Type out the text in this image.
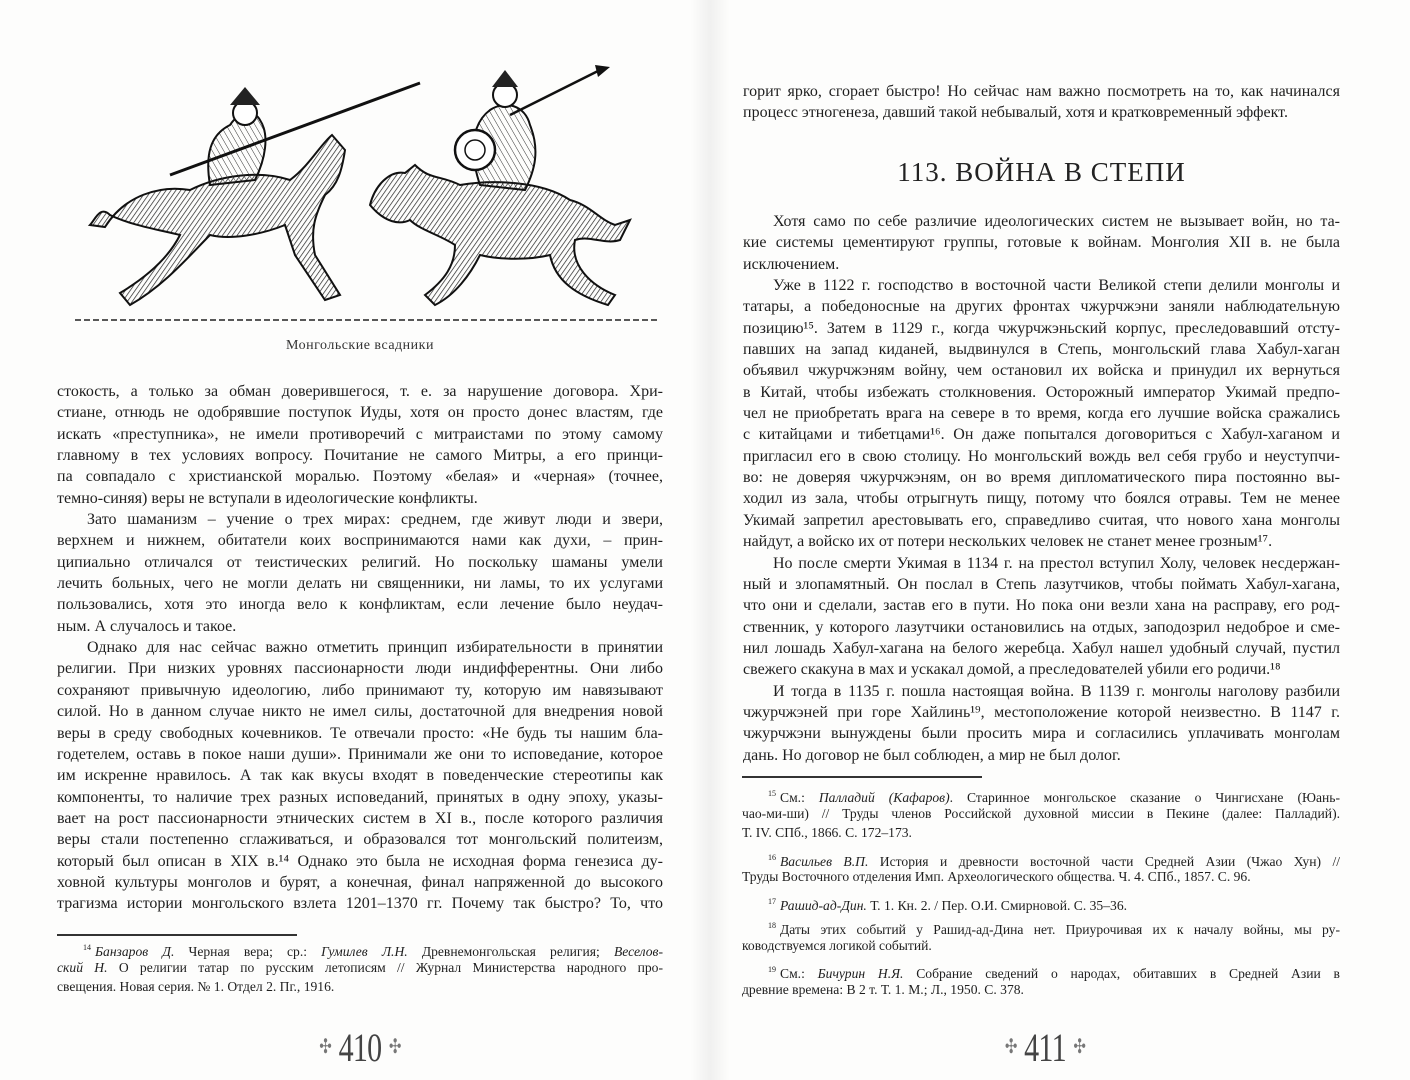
Монгольские всадники
стокость, а только за обман доверившегося, т. е. за нарушение договора. Хри-
стиане, отнюдь не одобрявшие поступок Иуды, хотя он просто донес властям, где
искать «преступника», не имели противоречий с митраистами по этому самому
главному в тех условиях вопросу. Почитание не самого Митры, а его принци-
па совпадало с христианской моралью. Поэтому «белая» и «черная» (точнее,
темно-синяя) веры не вступали в идеологические конфликты.
Зато шаманизм – учение о трех мирах: среднем, где живут люди и звери,
верхнем и нижнем, обитатели коих воспринимаются нами как духи, – прин-
ципиально отличался от теистических религий. Но поскольку шаманы умели
лечить больных, чего не могли делать ни священники, ни ламы, то их услугами
пользовались, хотя это иногда вело к конфликтам, если лечение было неудач-
ным. А случалось и такое.
Однако для нас сейчас важно отметить принцип избирательности в принятии
религии. При низких уровнях пассионарности люди индифферентны. Они либо
сохраняют привычную идеологию, либо принимают ту, которую им навязывают
силой. Но в данном случае никто не имел силы, достаточной для внедрения новой
веры в среду свободных кочевников. Те отвечали просто: «Не будь ты нашим бла-
годетелем, оставь в покое наши души». Принимали же они то исповедание, которое
им искренне нравилось. А так как вкусы входят в поведенческие стереотипы как
компоненты, то наличие трех разных исповеданий, принятых в одну эпоху, указы-
вает на рост пассионарности этнических систем в XI в., после которого различия
веры стали постепенно сглаживаться, и образовался тот монгольский политеизм,
который был описан в XIX в.¹⁴ Однако это была не исходная форма генезиса ду-
ховной культуры монголов и бурят, а конечная, финал напряженной до высокого
трагизма истории монгольского взлета 1201–1370 гг. Почему так быстро? То, что
$^{14}$ Банзаров Д. Черная вера; ср.: Гумилев Л.Н. Древнемонгольская религия; Веселов-
ский Н. О религии татар по русским летописям // Журнал Министерства народного про-
свещения. Новая серия. № 1. Отдел 2. Пг., 1916.
✣ 410 ✣
горит ярко, сгорает быстро! Но сейчас нам важно посмотреть на то, как начинался
процесс этногенеза, давший такой небывалый, хотя и кратковременный эффект.
113. ВОЙНА В СТЕПИ
Хотя само по себе различие идеологических систем не вызывает войн, но та-
кие системы цементируют группы, готовые к войнам. Монголия XII в. не была
исключением.
Уже в 1122 г. господство в восточной части Великой степи делили монголы и
татары, а победоносные на других фронтах чжурчжэни заняли наблюдательную
позицию¹⁵. Затем в 1129 г., когда чжурчжэньский корпус, преследовавший отсту-
павших на запад киданей, выдвинулся в Степь, монгольский глава Хабул-хаган
объявил чжурчжэням войну, чем остановил их войска и принудил их вернуться
в Китай, чтобы избежать столкновения. Осторожный император Укимай предпо-
чел не приобретать врага на севере в то время, когда его лучшие войска сражались
с китайцами и тибетцами¹⁶. Он даже попытался договориться с Хабул-хаганом и
пригласил его в свою столицу. Но монгольский вождь вел себя грубо и неуступчи-
во: не доверяя чжурчжэням, он во время дипломатического пира постоянно вы-
ходил из зала, чтобы отрыгнуть пищу, потому что боялся отравы. Тем не менее
Укимай запретил арестовывать его, справедливо считая, что нового хана монголы
найдут, а войско их от потери нескольких человек не станет менее грозным¹⁷.
Но после смерти Укимая в 1134 г. на престол вступил Холу, человек несдержан-
ный и злопамятный. Он послал в Степь лазутчиков, чтобы поймать Хабул-хагана,
что они и сделали, застав его в пути. Но пока они везли хана на расправу, его род-
ственник, у которого лазутчики остановились на отдых, заподозрил недоброе и сме-
нил лошадь Хабул-хагана на белого жеребца. Хабул нашел удобный случай, пустил
свежего скакуна в мах и ускакал домой, а преследователей убили его родичи.¹⁸
И тогда в 1135 г. пошла настоящая война. В 1139 г. монголы наголову разбили
чжурчжэней при горе Хайлинь¹⁹, местоположение которой неизвестно. В 1147 г.
чжурчжэни вынуждены были просить мира и согласились уплачивать монголам
дань. Но договор не был соблюден, а мир не был долог.
$^{15}$ См.: Палладий (Кафаров). Старинное монгольское сказание о Чингисхане (Юань-
чао-ми-ши) // Труды членов Российской духовной миссии в Пекине (далее: Палладий).
Т. IV. СПб., 1866. С. 172–173.
$^{16}$ Васильев В.П. История и древности восточной части Средней Азии (Чжао Хун) //
Труды Восточного отделения Имп. Археологического общества. Ч. 4. СПб., 1857. С. 96.
$^{17}$ Рашид-ад-Дин. Т. 1. Кн. 2. / Пер. О.И. Смирновой. С. 35–36.
$^{18}$ Даты этих событий у Рашид-ад-Дина нет. Приурочивая их к началу войны, мы ру-
ководствуемся логикой событий.
$^{19}$ См.: Бичурин Н.Я. Собрание сведений о народах, обитавших в Средней Азии в
древние времена: В 2 т. Т. 1. М.; Л., 1950. С. 378.
✣ 411 ✣
